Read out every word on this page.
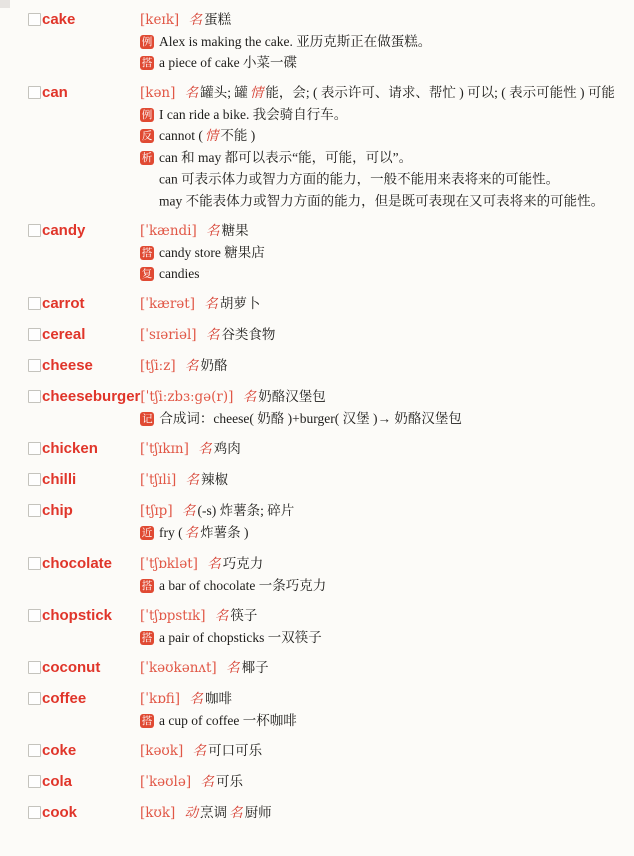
cake	[keɪk] 名 蛋糕
例 Alex is making the cake. 亚历克斯正在做蛋糕。
搭 a piece of cake 小菜一碟
can	[kən] 名 罐头; 罐 情 能，会; ( 表示许可、请求、帮忙 ) 可以; ( 表示可能性 ) 可能
例 I can ride a bike. 我会骑自行车。
反 cannot ( 情 不能 )
析 can 和 may 都可以表示“能，可能，可以”。
can 可表示体力或智力方面的能力，一般不能用来表将来的可能性。
may 不能表体力或智力方面的能力，但是既可表现在又可表将来的可能性。
candy	[ˈkændi] 名 糖果
搭 candy store 糖果店
复 candies
carrot	[ˈkærət] 名 胡萝卜
cereal	[ˈsɪəriəl] 名 谷类食物
cheese	[tʃiːz] 名 奶酪
cheeseburger [ˈtʃiːzbɜːgə(r)] 名 奶酪汉堡包
记 合成词：cheese( 奶酪 )+burger( 汉堡 )→ 奶酪汉堡包
chicken	[ˈtʃɪkɪn] 名 鸡肉
chilli	[ˈtʃɪli] 名 辣椒
chip	[tʃɪp] 名 (-s) 炸薯条; 碎片
近 fry ( 名 炸薯条 )
chocolate [ˈtʃɒklət] 名 巧克力
搭 a bar of chocolate 一条巧克力
chopstick [ˈtʃɒpstɪk] 名 筷子
搭 a pair of chopsticks 一双筷子
coconut	[ˈkəʊkənʌt] 名 椰子
coffee	[ˈkɒfi] 名 咖啡
搭 a cup of coffee 一杯咖啡
coke	[kəʊk] 名 可口可乐
cola	[ˈkəʊlə] 名 可乐
cook	[kʊk] 动 烹调 名 厨师
